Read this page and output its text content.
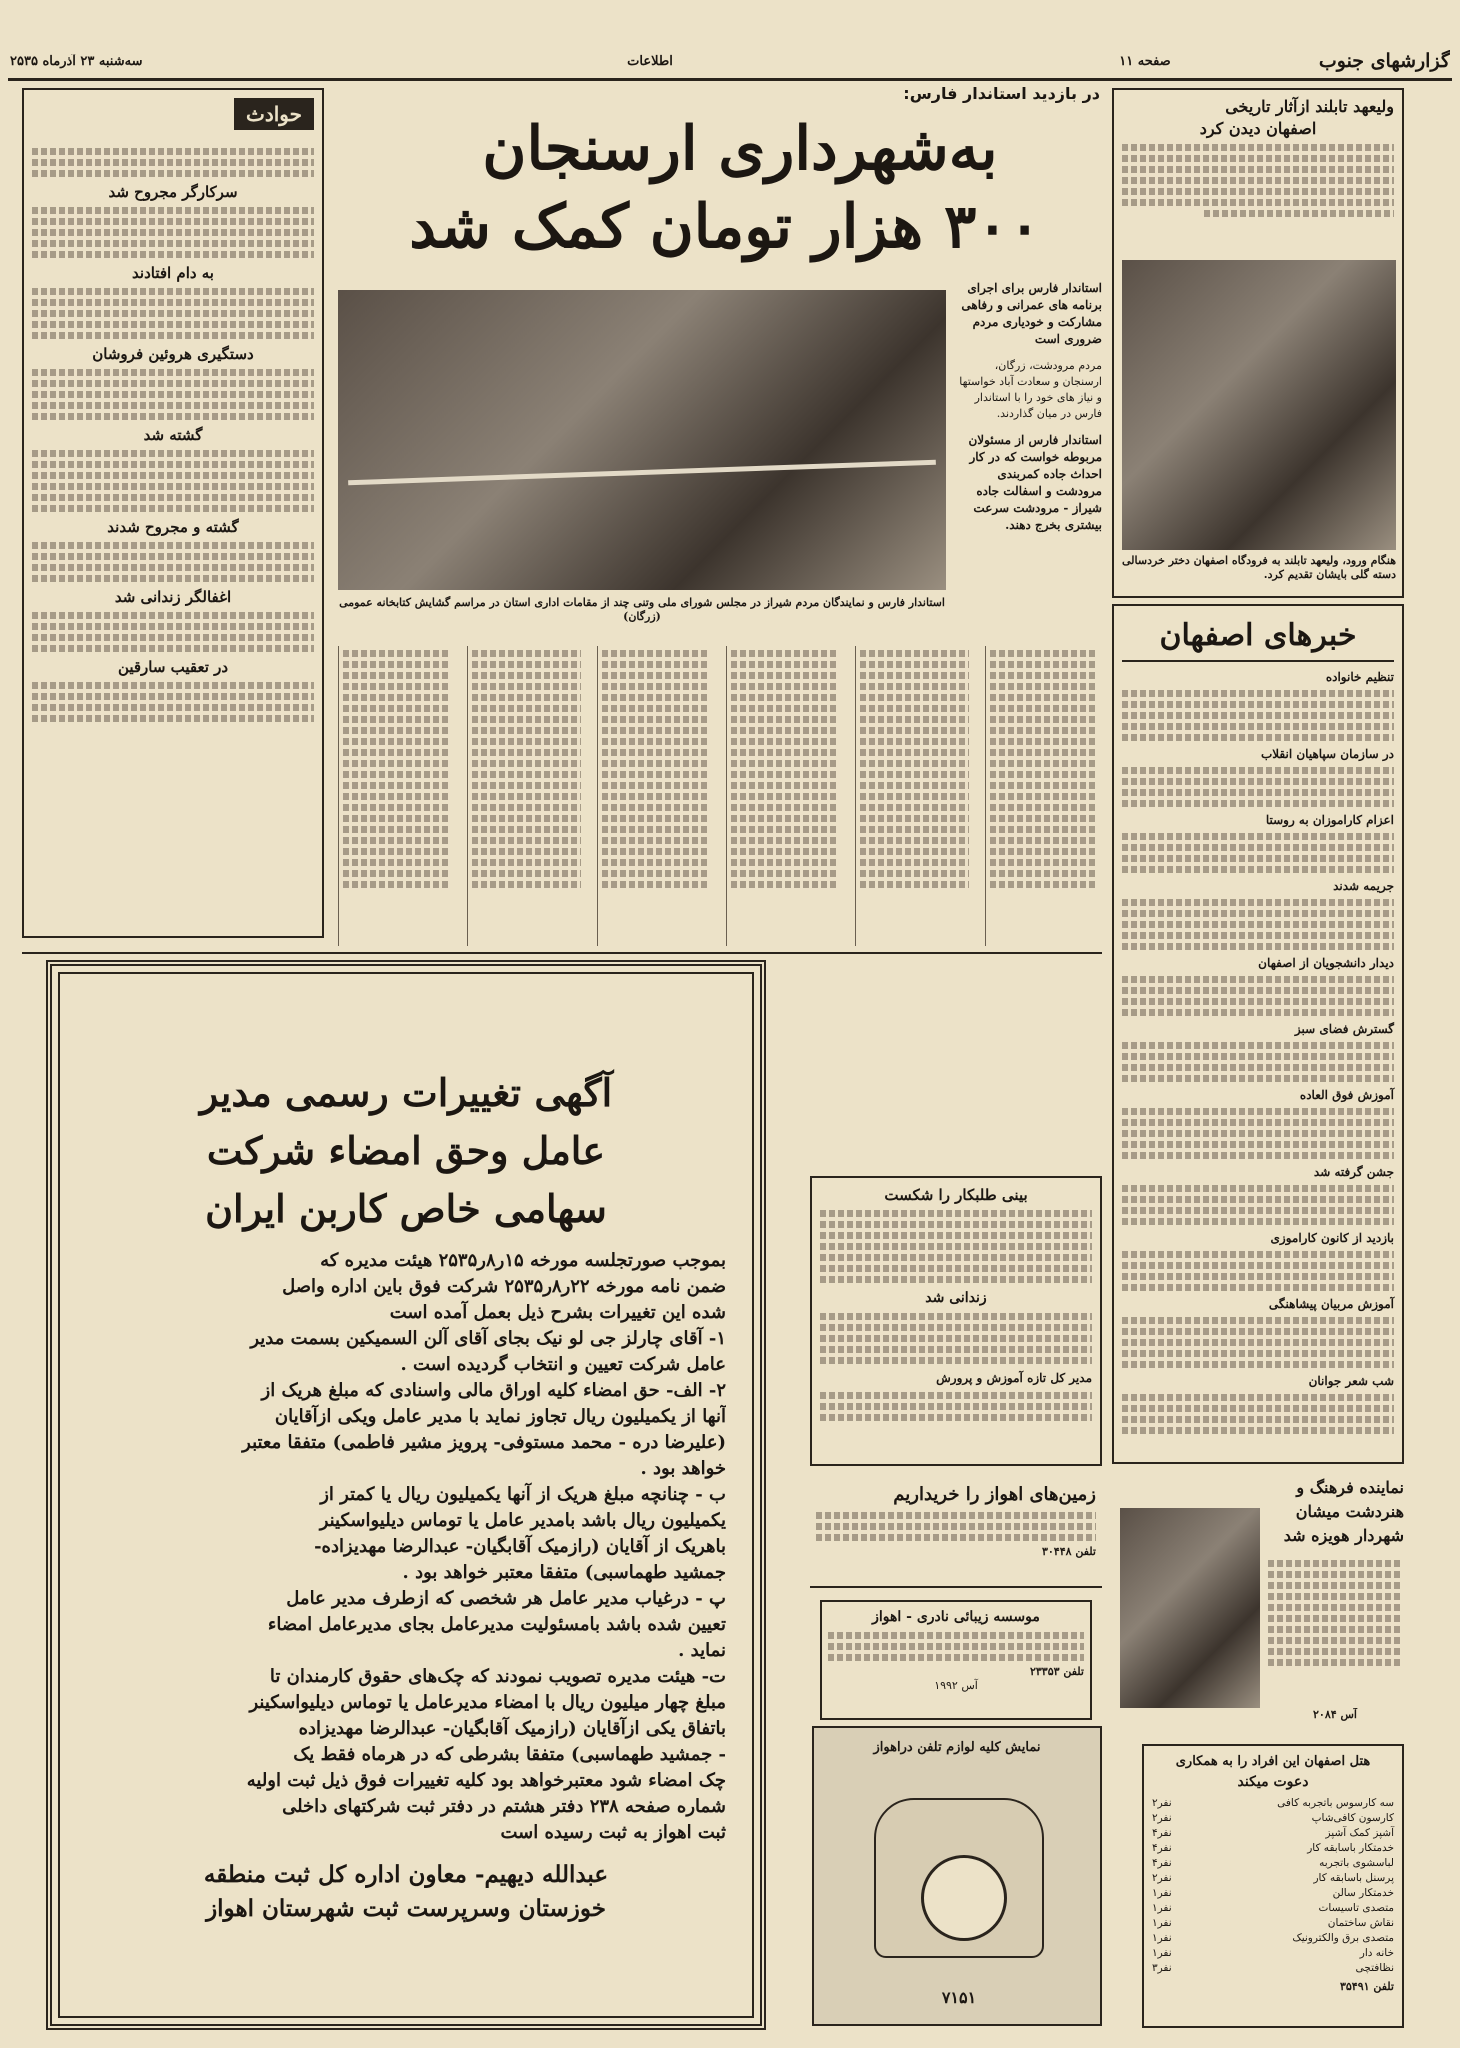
گزارشهای جنوب
صفحه ۱۱
اطلاعات
سه‌شنبه ۲۳ آذرماه ۲۵۳۵
حوادث
سرکارگر مجروح شد
به دام افتادند
دستگیری هروئین فروشان
گشته شد
گشته و مجروح شدند
اغفالگر زندانی شد
در تعقیب سارقین
ولیعهد تابلند ازآثار تاریخی
اصفهان دیدن کرد
هنگام ورود، ولیعهد تابلند به فرودگاه اصفهان دختر خردسالی دسته گلی بایشان تقدیم کرد.
خبرهای اصفهان
تنظیم خانواده
در سازمان سپاهیان انقلاب
اعزام کاراموزان به روستا
جریمه شدند
دیدار دانشجویان از اصفهان
گسترش فضای سبز
آموزش فوق العاده
جشن گرفته شد
بازدید از کانون کاراموزی
آموزش مربیان پیشاهنگی
شب شعر جوانان
در بازدید استاندار فارس:
به‌شهرداری ارسنجان
۳۰۰ هزار تومان کمک شد
استاندار فارس و نمایندگان مردم شیراز در مجلس شورای ملی وتنی چند از مقامات اداری استان در مراسم گشایش کتابخانه عمومی (زرگان)
استاندار فارس برای اجرای برنامه های عمرانی و رفاهی مشارکت و خودیاری مردم ضروری است
مردم مرودشت، زرگان، ارسنجان و سعادت آباد خواستها و نیاز های خود را با استاندار فارس در میان گذاردند.
استاندار فارس از مسئولان مربوطه خواست که در کار احداث جاده کمربندی مرودشت و اسفالت جاده شیراز - مرودشت سرعت بیشتری بخرج دهند.
آگهی تغییرات رسمی مدیر
عامل وحق امضاء شرکت
سهامی خاص کاربن ایران
بموجب صورتجلسه مورخه ۱۵ر۸ر۲۵۳۵ هیئت مدیره که
ضمن نامه مورخه ۲۲ر۸ر۲۵۳۵ شرکت فوق باین اداره واصل
شده این تغییرات بشرح ذیل بعمل آمده است
۱- آقای چارلز جی لو نیک بجای آقای آلن السمیکین بسمت مدیر
عامل شرکت تعیین و انتخاب گردیده است .
۲- الف- حق امضاء کلیه اوراق مالی واسنادی که مبلغ هریک از
آنها از یکمیلیون ریال تجاوز نماید با مدیر عامل ویکی ازآقایان
(علیرضا دره - محمد مستوفی- پرویز مشیر فاطمی) متفقا معتبر
خواهد بود .
ب - چنانچه مبلغ هریک از آنها یکمیلیون ریال یا کمتر از
یکمیلیون ریال باشد بامدیر عامل یا توماس دیلیواسکینر
باهریک از آقایان (رازمیک آقابگیان- عبدالرضا مهدیزاده-
جمشید طهماسبی) متفقا معتبر خواهد بود .
پ - درغیاب مدیر عامل هر شخصی که ازطرف مدیر عامل
تعیین شده باشد بامسئولیت مدیرعامل بجای مدیرعامل امضاء
نماید .
ت- هیئت مدیره تصویب نمودند که چک‌های حقوق کارمندان تا
مبلغ چهار میلیون ریال با امضاء مدیرعامل یا توماس دیلیواسکینر
باتفاق یکی ازآقایان (رازمیک آقابگیان- عبدالرضا مهدیزاده
- جمشید طهماسبی) متفقا بشرطی که در هرماه فقط یک
چک امضاء شود معتبرخواهد بود کلیه تغییرات فوق ذیل ثبت اولیه
شماره صفحه ۲۳۸ دفتر هشتم در دفتر ثبت شرکتهای داخلی
ثبت اهواز به ثبت رسیده است
عبدالله دیهیم- معاون اداره کل ثبت منطقه
خوزستان وسرپرست ثبت شهرستان اهواز
بینی طلبکار را شکست
زندانی شد
مدیر کل تازه آموزش و پرورش
زمین‌های اهواز را خریداریم
تلفن ۳۰۴۴۸
موسسه زیبائی نادری - اهواز
تلفن ۲۳۳۵۳
آس ۱۹۹۲
نمایش کلیه لوازم تلفن دراهواز
۷۱۵۱
نماینده فرهنگ و
هنردشت میشان
شهردار هویزه شد
آس ۲۰۸۴
هتل اصفهان این افراد را به همکاری
دعوت میکند
سه کارسوس باتجربه کافی
۲نفر
کارسون کافی‌شاپ
۲نفر
آشپز کمک آشپز
۴نفر
خدمتکار باسابقه کار
۴نفر
لباسشوی باتجربه
۴نفر
پرسنل باسابقه کار
۲نفر
خدمتکار سالن
۱نفر
متصدی تاسیسات
۱نفر
نقاش ساختمان
۱نفر
متصدی برق والکترونیک
۱نفر
خانه دار
۱نفر
نظافتچی
۳نفر
تلفن ۳۵۴۹۱
